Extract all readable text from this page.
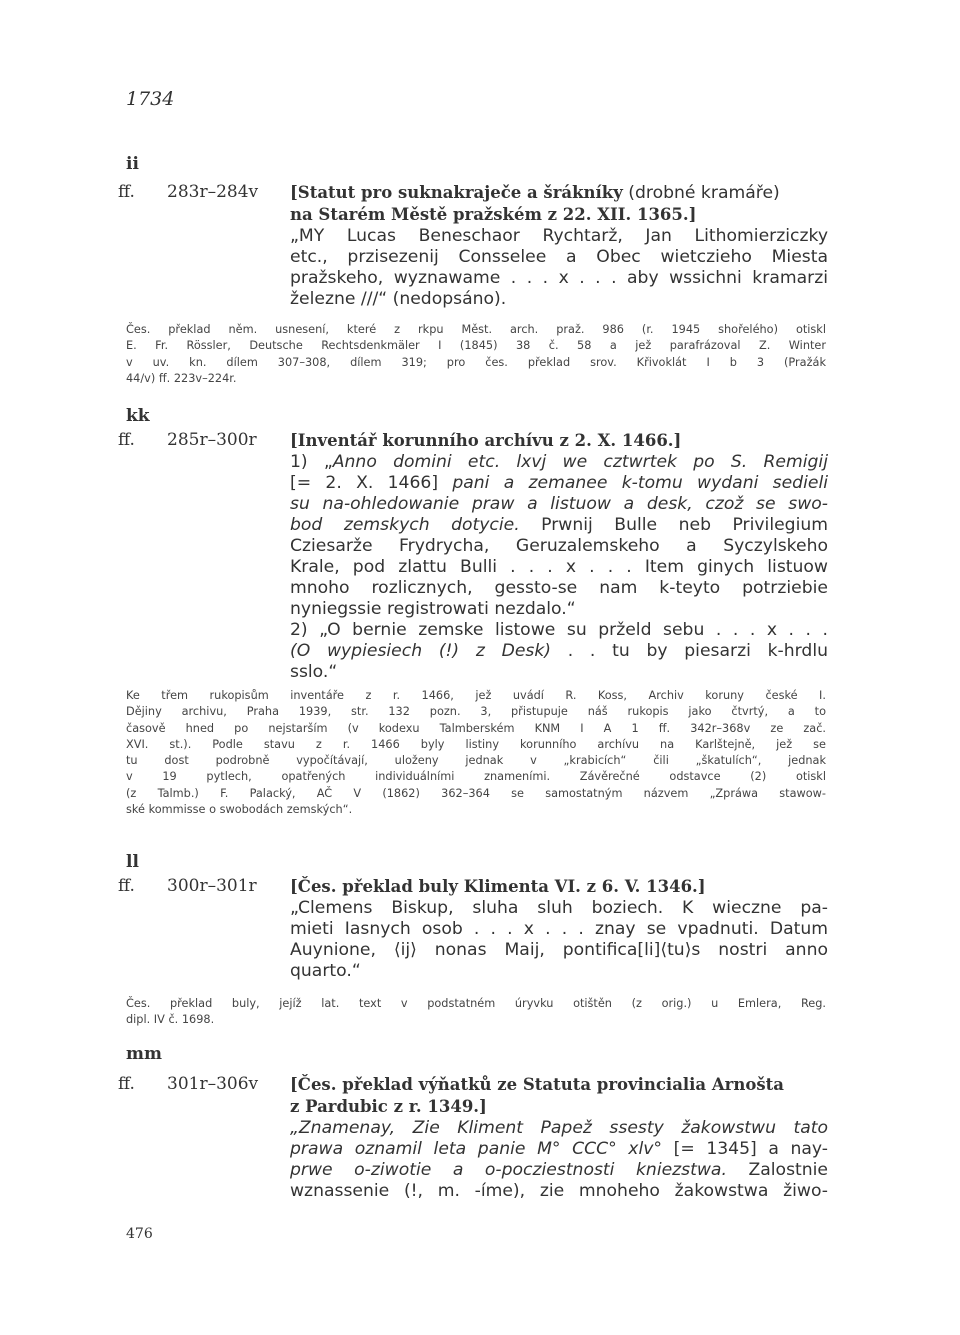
1734
ii
ff. 283r–284v [Statut pro suknakraječe a šrákníky (drobné kramáře)
na Starém Městě pražském z 22. XII. 1365.]
„MY Lucas Beneschaor Rychtarž, Jan Lithomierziczky
etc., przisezenij Consselee a Obec wietczieho Miesta
pražskeho, wyznawame . . . x . . . aby wssichni kramarzi
železne ///“ (nedopsáno).
Čes. překlad něm. usnesení, které z rkpu Měst. arch. praž. 986 (r. 1945 shořelého) otiskl
E. Fr. Rössler, Deutsche Rechtsdenkmäler I (1845) 38 č. 58 a jež parafrázoval Z. Winter
v uv. kn. dílem 307–308, dílem 319; pro čes. překlad srov. Křivoklát I b 3 (Pražák
44/v) ff. 223v–224r.
kk
ff. 285r–300r [Inventář korunního archívu z 2. X. 1466.]
1) „Anno domini etc. lxvj we cztwrtek po S. Remigij
[= 2. X. 1466] pani a zemanee k-tomu wydani sedieli
su na-ohledowanie praw a listuow a desk, czož se swo-
bod zemskych dotycie. Prwnij Bulle neb Privilegium
Cziesarže Frydrycha, Geruzalemskeho a Syczylskeho
Krale, pod zlattu Bulli . . . x . . . Item ginych listuow
mnoho rozlicznych, gessto-se nam k-teyto potrziebie
nyniegssie registrowati nezdalo.“
2) „O bernie zemske listowe su prželd sebu . . . x . . .
(O wypiesiech (!) z Desk) . . tu by piesarzi k-hrdlu
sslo.“
Ke třem rukopisům inventáře z r. 1466, jež uvádí R. Koss, Archiv koruny české I.
Dějiny archivu, Praha 1939, str. 132 pozn. 3, přistupuje náš rukopis jako čtvrtý, a to
časově hned po nejstarším (v kodexu Talmberském KNM I A 1 ff. 342r–368v ze zač.
XVI. st.). Podle stavu z r. 1466 byly listiny korunního archívu na Karlštejně, jež se
tu dost podrobně vypočítávají, uloženy jednak v „krabicích“ čili „škatulích“, jednak
v 19 pytlech, opatřených individuálními znameními. Závěrečné odstavce (2) otiskl
(z Talmb.) F. Palacký, AČ V (1862) 362–364 se samostatným názvem „Zpráwa stawow-
ské kommisse o swobodách zemských“.
ll
ff. 300r–301r [Čes. překlad buly Klimenta VI. z 6. V. 1346.]
„Clemens Biskup, sluha sluh boziech. K wieczne pa-
mieti Iasnych osob . . . x . . . znay se vpadnuti. Datum
Auynione, ⟨ij⟩ nonas Maij, pontifica[li]⟨tu⟩s nostri anno
quarto.“
Čes. překlad buly, jejíž lat. text v podstatném úryvku otištěn (z orig.) u Emlera, Reg.
dipl. IV č. 1698.
mm
ff. 301r–306v [Čes. překlad výňatků ze Statuta provincialia Arnošta
z Pardubic z r. 1349.]
„Znamenay, Zie Kliment Papež ssesty žakowstwu tato
prawa oznamil leta panie M° CCC° xlv° [= 1345] a nay-
prwe o-ziwotie a o-pocziestnosti kniezstwa. Zalostnie
wznassenie (!, m. -íme), zie mnoheho žakowstwa žiwo-
476
